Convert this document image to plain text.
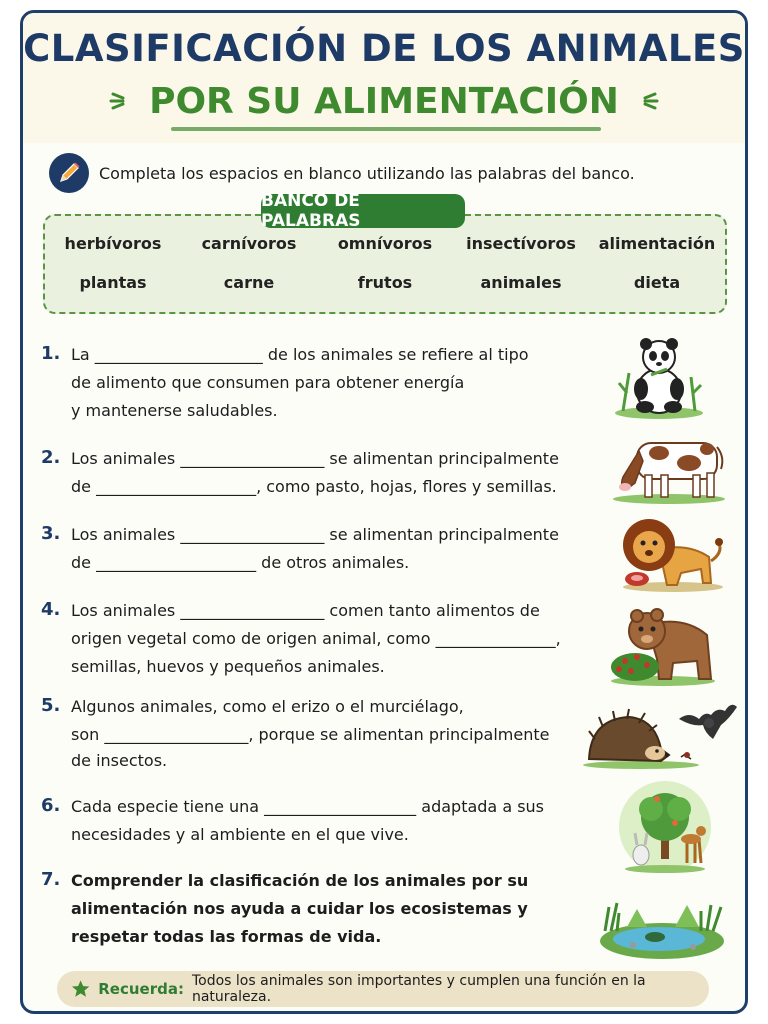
CLASIFICACIÓN DE LOS ANIMALES
POR SU ALIMENTACIÓN
Completa los espacios en blanco utilizando las palabras del banco.
herbívoros	carnívoros	omnívoros	insectívoros	alimentación
plantas	carne	frutos	animales	dieta
BANCO DE PALABRAS
1. La _____________________ de los animales se refiere al tipo
de alimento que consumen para obtener energía
y mantenerse saludables.
2. Los animales __________________ se alimentan principalmente
de ____________________, como pasto, hojas, flores y semillas.
3. Los animales __________________ se alimentan principalmente
de ____________________ de otros animales.
4. Los animales __________________ comen tanto alimentos de
origen vegetal como de origen animal, como _______________,
semillas, huevos y pequeños animales.
5. Algunos animales, como el erizo o el murciélago,
son __________________, porque se alimentan principalmente
de insectos.
6. Cada especie tiene una ___________________ adaptada a sus
necesidades y al ambiente en el que vive.
7. Comprender la clasificación de los animales por su
alimentación nos ayuda a cuidar los ecosistemas y
respetar todas las formas de vida.
Recuerda: Todos los animales son importantes y cumplen una función en la naturaleza.
